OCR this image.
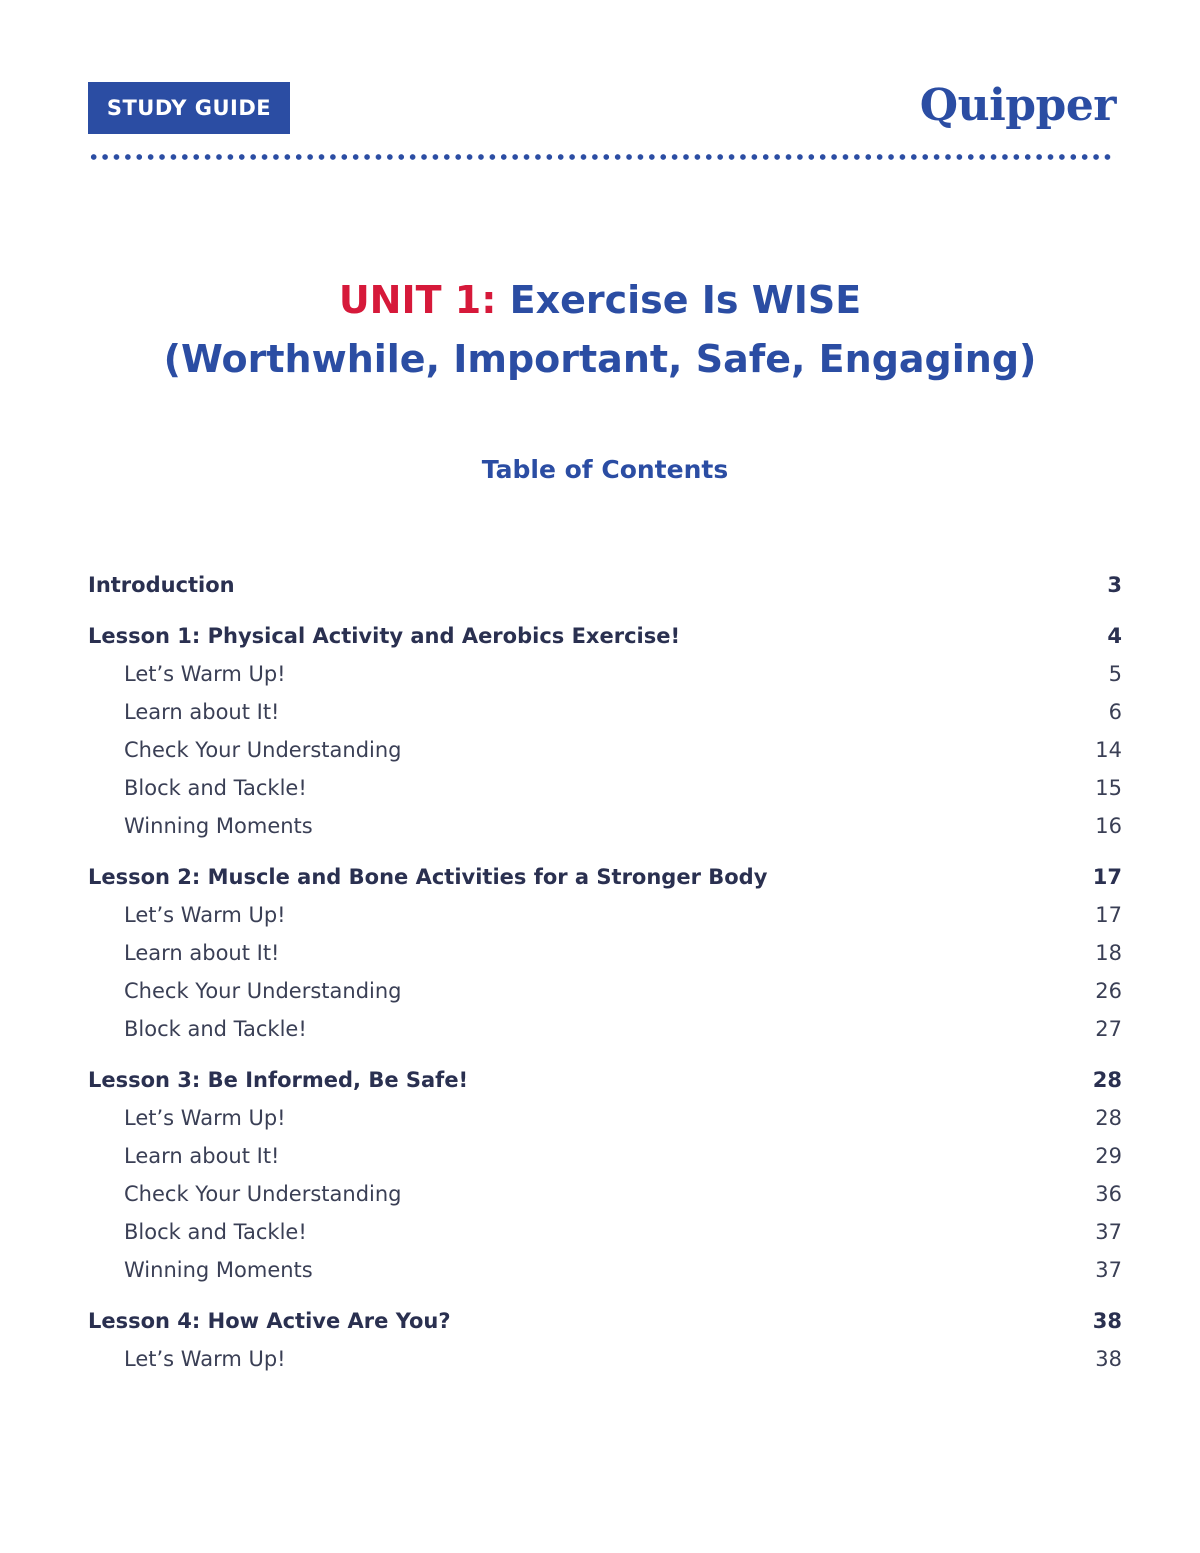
STUDY GUIDE	Quipper
UNIT 1: Exercise Is WISE
(Worthwhile, Important, Safe, Engaging)
Table of Contents
Introduction	3
Lesson 1: Physical Activity and Aerobics Exercise!	4
Let’s Warm Up!	5
Learn about It!	6
Check Your Understanding	14
Block and Tackle!	15
Winning Moments	16
Lesson 2: Muscle and Bone Activities for a Stronger Body	17
Let’s Warm Up!	17
Learn about It!	18
Check Your Understanding	26
Block and Tackle!	27
Lesson 3: Be Informed, Be Safe!	28
Let’s Warm Up!	28
Learn about It!	29
Check Your Understanding	36
Block and Tackle!	37
Winning Moments	37
Lesson 4: How Active Are You?	38
Let’s Warm Up!	38
